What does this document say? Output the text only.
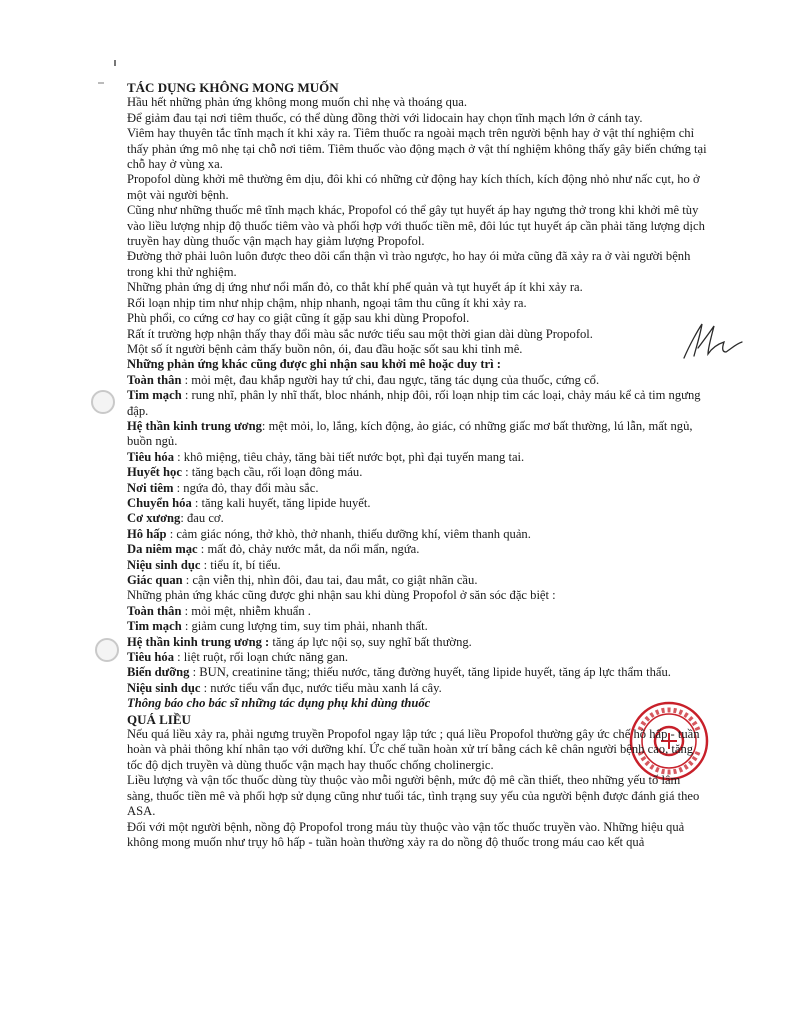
TÁC DỤNG KHÔNG MONG MUỐN

Hầu hết những phản ứng không mong muốn chỉ nhẹ và thoáng qua.

Để giảm đau tại nơi tiêm thuốc, có thể dùng đồng thời với lidocain hay chọn tĩnh mạch lớn ở cánh tay.

Viêm hay thuyên tắc tĩnh mạch ít khi xảy ra. Tiêm thuốc ra ngoài mạch trên người bệnh hay ở vật thí nghiệm chỉ thấy phản ứng mô nhẹ tại chỗ nơi tiêm. Tiêm thuốc vào động mạch ở vật thí nghiệm không thấy gây biến chứng tại chỗ hay ở vùng xa.

Propofol dùng khởi mê thường êm dịu, đôi khi có những cử động hay kích thích, kích động nhỏ như nấc cụt, ho ở một vài người bệnh.

Cũng như những thuốc mê tĩnh mạch khác, Propofol có thể gây tụt huyết áp hay ngưng thở trong khi khởi mê tùy vào liều lượng nhịp độ thuốc tiêm vào và phối hợp với thuốc tiền mê, đôi lúc tụt huyết áp cần phải tăng lượng dịch truyền hay dùng thuốc vận mạch hay giảm lượng Propofol.

Đường thở phải luôn luôn được theo dõi cẩn thận vì trào ngược, ho hay ói mửa cũng đã xảy ra ở vài người bệnh trong khi thử nghiệm.

Những phản ứng dị ứng như nổi mẩn đỏ, co thắt khí phế quản và tụt huyết áp ít khi xảy ra.

Rối loạn nhịp tim như nhịp chậm, nhịp nhanh, ngoại tâm thu cũng ít khi xảy ra.

Phù phổi, co cứng cơ hay co giật cũng ít gặp sau khi dùng Propofol.

Rất ít trường hợp nhận thấy thay đổi màu sắc nước tiểu sau một thời gian dài dùng Propofol.

Một số ít người bệnh cảm thấy buồn nôn, ói, đau đầu hoặc sốt sau khi tỉnh mê.

Những phản ứng khác cũng được ghi nhận sau khởi mê hoặc duy trì :

Toàn thân : mỏi mệt, đau khắp người hay tứ chi, đau ngực, tăng tác dụng của thuốc, cứng cổ.

Tim mạch : rung nhĩ, phân ly nhĩ thất, bloc nhánh, nhịp đôi, rối loạn nhịp tim các loại, chảy máu kể cả tim ngưng đập.

Hệ thần kinh trung ương: mệt mỏi, lo, lắng, kích động, ảo giác, có những giấc mơ bất thường, lú lẫn, mất ngủ, buồn ngủ.

Tiêu hóa : khô miệng, tiêu chảy, tăng bài tiết nước bọt, phì đại tuyến mang tai.

Huyết học : tăng bạch cầu, rối loạn đông máu.

Nơi tiêm : ngứa đỏ, thay đổi màu sắc.

Chuyển hóa : tăng kali huyết, tăng lipide huyết.

Cơ xương: đau cơ.

Hô hấp : cảm giác nóng, thở khò, thở nhanh, thiếu dưỡng khí, viêm thanh quản.

Da niêm mạc : mất đỏ, chảy nước mắt, da nổi mẩn, ngứa.

Niệu sinh dục : tiểu ít, bí tiểu.

Giác quan : cận viễn thị, nhìn đôi, đau tai, đau mắt, co giật nhãn cầu.

Những phản ứng khác cũng được ghi nhận sau khi dùng Propofol ở săn sóc đặc biệt :

Toàn thân : mỏi mệt, nhiễm khuẩn .

Tim mạch : giảm cung lượng tim, suy tim phải, nhanh thất.

Hệ thần kinh trung ương : tăng áp lực nội sọ, suy nghĩ bất thường.

Tiêu hóa : liệt ruột, rối loạn chức năng gan.

Biến dưỡng : BUN, creatinine tăng; thiếu nước, tăng đường huyết, tăng lipide huyết, tăng áp lực thẩm thấu.

Niệu sinh dục : nước tiểu vẩn đục, nước tiểu màu xanh lá cây.

Thông báo cho bác sĩ những tác dụng phụ khi dùng thuốc

QUÁ LIỀU

Nếu quá liều xảy ra, phải ngưng truyền Propofol ngay lập tức ; quá liều Propofol thường gây ức chế hô hấp - tuần hoàn và phải thông khí nhân tạo với dưỡng khí. Ức chế tuần hoàn xử trí bằng cách kê chân người bệnh cao, tăng tốc độ dịch truyền và dùng thuốc vận mạch hay thuốc chống cholinergic.

Liều lượng và vận tốc thuốc dùng tùy thuộc vào mỗi người bệnh, mức độ mê cần thiết, theo những yếu tố lâm sàng, thuốc tiền mê và phối hợp sử dụng cũng như tuổi tác, tình trạng suy yếu của người bệnh được đánh giá theo ASA.

Đối với một người bệnh, nồng độ Propofol trong máu tùy thuộc vào vận tốc thuốc truyền vào. Những hiệu quả không mong muốn như trụy hô hấp - tuần hoàn thường xảy ra do nồng độ thuốc trong máu cao kết quả
